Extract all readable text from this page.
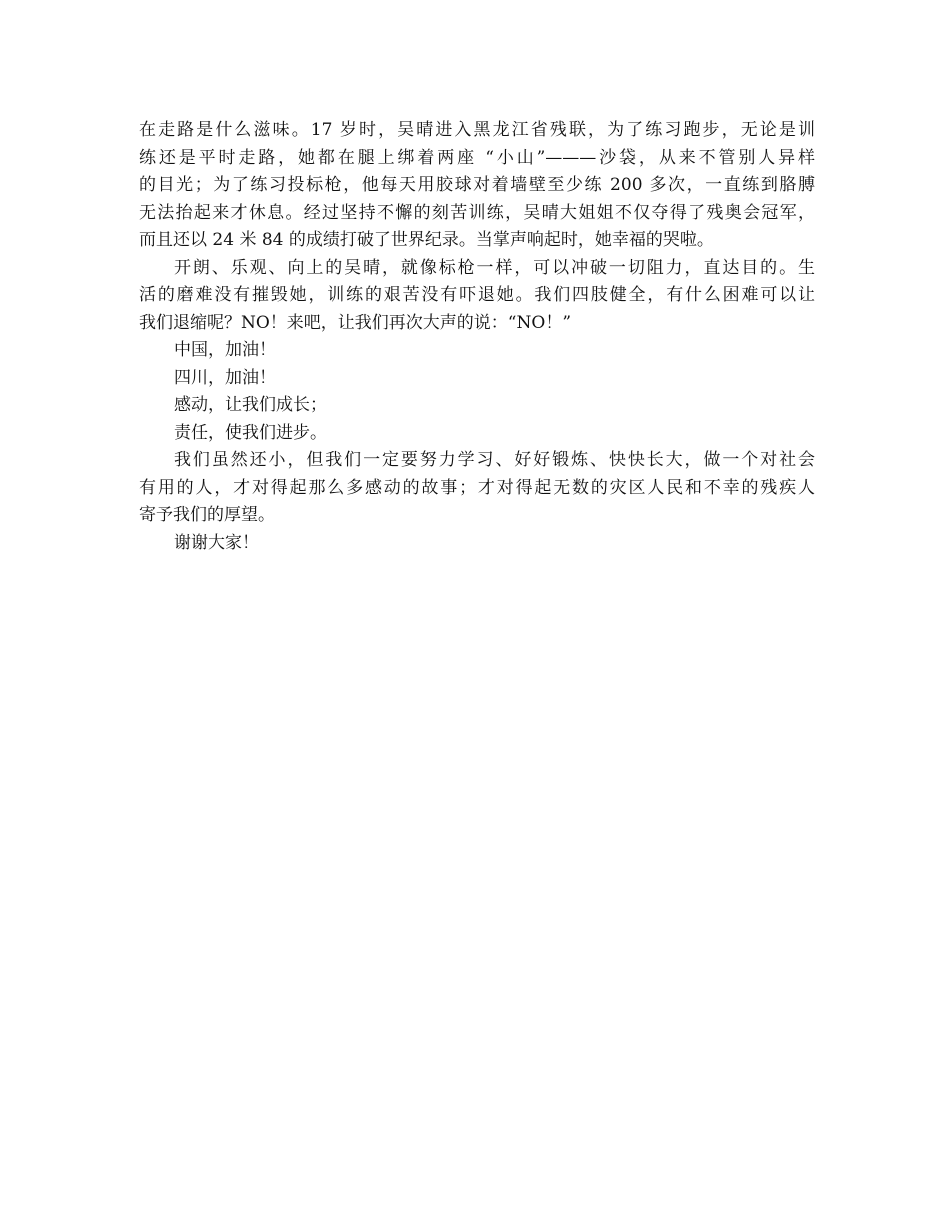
在走路是什么滋味。17 岁时，吴晴进入黑龙江省残联，为了练习跑步，无论是训
练还是平时走路，她都在腿上绑着两座 “小山”———沙袋，从来不管别人异样
的目光；为了练习投标枪，他每天用胶球对着墙壁至少练 200 多次，一直练到胳膊
无法抬起来才休息。经过坚持不懈的刻苦训练，吴晴大姐姐不仅夺得了残奥会冠军，
而且还以 24 米 84 的成绩打破了世界纪录。当掌声响起时，她幸福的哭啦。

开朗、乐观、向上的吴晴，就像标枪一样，可以冲破一切阻力，直达目的。生
活的磨难没有摧毁她，训练的艰苦没有吓退她。我们四肢健全，有什么困难可以让
我们退缩呢？NO！来吧，让我们再次大声的说：“NO！”

中国，加油！

四川，加油！

感动，让我们成长；

责任，使我们进步。

我们虽然还小，但我们一定要努力学习、好好锻炼、快快长大，做一个对社会
有用的人，才对得起那么多感动的故事；才对得起无数的灾区人民和不幸的残疾人
寄予我们的厚望。

谢谢大家！
